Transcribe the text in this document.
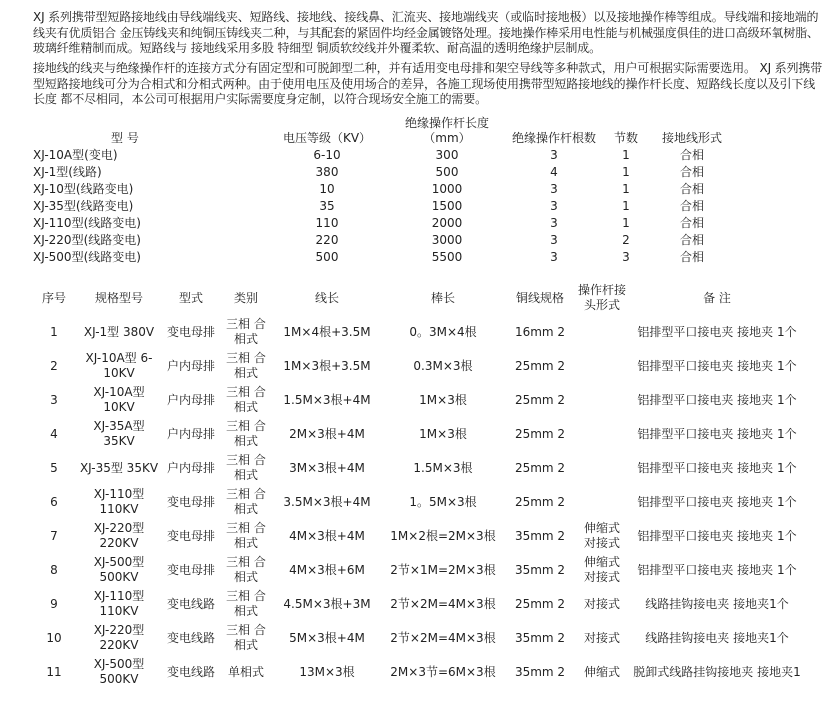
XJ 系列携带型短路接地线由导线端线夹、短路线、接地线、接线鼻、汇流夹、接地端线夹（或临时接地极）以及接地操作棒等组成。导线端和接地端的线夹有优质铝合 金压铸线夹和纯铜压铸线夹二种，与其配套的紧固件均经金属镀铬处理。接地操作棒采用电性能与机械强度俱佳的进口高级环氧树脂、玻璃纤维精制而成。短路线与 接地线采用多股 特细型 铜质软绞线并外覆柔软、耐高温的透明绝缘护层制成。
接地线的线夹与绝缘操作杆的连接方式分有固定型和可脱卸型二种，并有适用变电母排和架空导线等多种款式，用户可根据实际需要选用。 XJ 系列携带型短路接地线可分为合相式和分相式两种。由于使用电压及使用场合的差异，各施工现场使用携带型短路接地线的操作杆长度、短路线长度以及引下线长度 都不尽相同，本公司可根据用户实际需要度身定制，以符合现场安全施工的需要。
型 号	电压等级（KV）	绝缘操作杆长度（mm）	绝缘操作杆根数	节数	接地线形式
XJ-10A型(变电)	6-10	300	3	1	合相
XJ-1型(线路)	380	500	4	1	合相
XJ-10型(线路变电)	10	1000	3	1	合相
XJ-35型(线路变电)	35	1500	3	1	合相
XJ-110型(线路变电)	110	2000	3	1	合相
XJ-220型(线路变电)	220	3000	3	2	合相
XJ-500型(线路变电)	500	5500	3	3	合相
序号	规格型号	型式	类别	线长	棒长	铜线规格	操作杆接头形式	备 注
1	XJ-1型 380V	变电母排	三相 合相式	1M×4根+3.5M	0。3M×4根	16mm 2		铝排型平口接电夹 接地夹 1个
2	XJ-10A型 6-10KV	户内母排	三相 合相式	1M×3根+3.5M	0.3M×3根	25mm 2		铝排型平口接电夹 接地夹 1个
3	XJ-10A型 10KV	户内母排	三相 合相式	1.5M×3根+4M	1M×3根	25mm 2		铝排型平口接电夹 接地夹 1个
4	XJ-35A型 35KV	户内母排	三相 合相式	2M×3根+4M	1M×3根	25mm 2		铝排型平口接电夹 接地夹 1个
5	XJ-35型 35KV	户内母排	三相 合相式	3M×3根+4M	1.5M×3根	25mm 2		铝排型平口接电夹 接地夹 1个
6	XJ-110型 110KV	变电母排	三相 合相式	3.5M×3根+4M	1。5M×3根	25mm 2		铝排型平口接电夹 接地夹 1个
7	XJ-220型 220KV	变电母排	三相 合相式	4M×3根+4M	1M×2根=2M×3根	35mm 2	伸缩式 对接式	铝排型平口接电夹 接地夹 1个
8	XJ-500型 500KV	变电母排	三相 合相式	4M×3根+6M	2节×1M=2M×3根	35mm 2	伸缩式 对接式	铝排型平口接电夹 接地夹 1个
9	XJ-110型 110KV	变电线路	三相 合相式	4.5M×3根+3M	2节×2M=4M×3根	25mm 2	对接式	线路挂钩接电夹 接地夹1个
10	XJ-220型 220KV	变电线路	三相 合相式	5M×3根+4M	2节×2M=4M×3根	35mm 2	对接式	线路挂钩接电夹 接地夹1个
11	XJ-500型 500KV	变电线路	单相式	13M×3根	2M×3节=6M×3根	35mm 2	伸缩式	脱卸式线路挂钩接地夹 接地夹1
